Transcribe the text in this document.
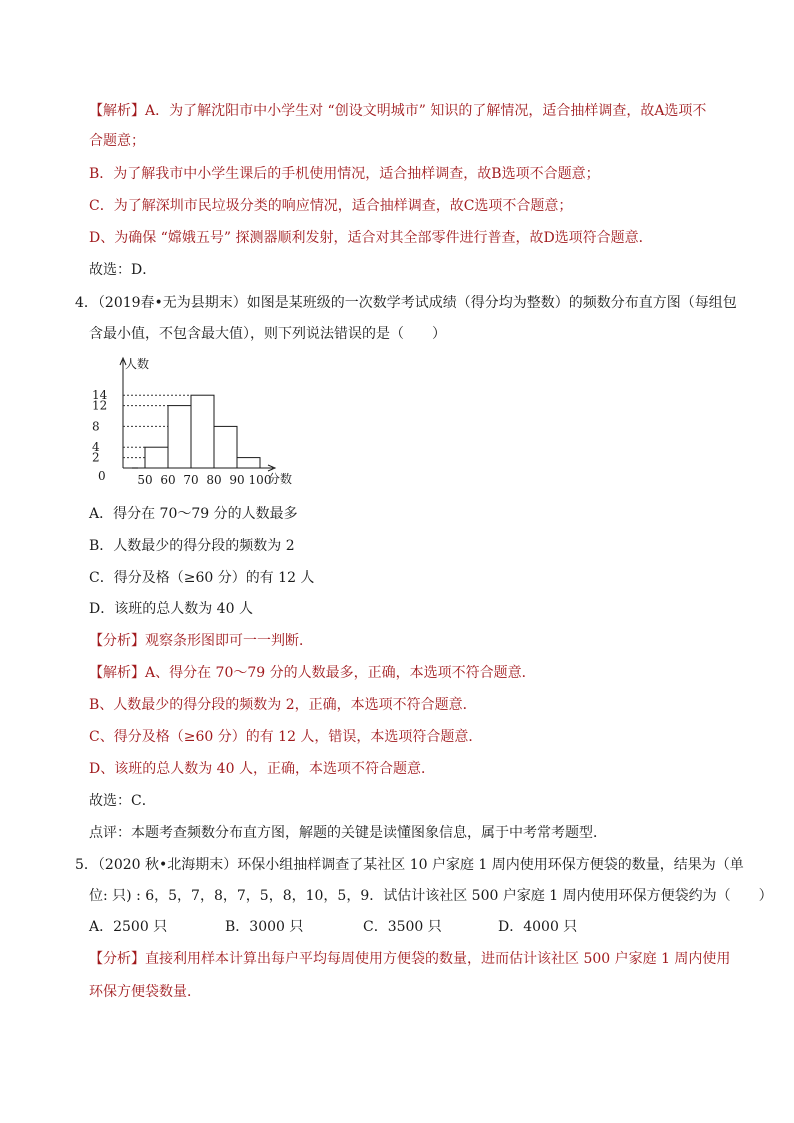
【解析】A．为了解沈阳市中小学生对 “创设文明城市” 知识的了解情况，适合抽样调查，故A选项不
合题意；
B．为了解我市中小学生课后的手机使用情况，适合抽样调查，故B选项不合题意；
C．为了解深圳市民垃圾分类的响应情况，适合抽样调查，故C选项不合题意；
D、为确保 “嫦娥五号” 探测器顺利发射，适合对其全部零件进行普查，故D选项符合题意．
故选：D．
4．（2019春•无为县期末）如图是某班级的一次数学考试成绩（得分均为整数）的频数分布直方图（每组包
含最小值，不包含最大值），则下列说法错误的是（　　）
人数
分数
14
12
8
4
2
0	50 60 70 80 90 100
A．得分在 70～79 分的人数最多
B．人数最少的得分段的频数为 2
C．得分及格（≥60 分）的有 12 人
D．该班的总人数为 40 人
【分析】观察条形图即可一一判断．
【解析】A、得分在 70～79 分的人数最多，正确，本选项不符合题意．
B、人数最少的得分段的频数为 2，正确，本选项不符合题意．
C、得分及格（≥60 分）的有 12 人，错误，本选项符合题意．
D、该班的总人数为 40 人，正确，本选项不符合题意．
故选：C．
点评：本题考查频数分布直方图，解题的关键是读懂图象信息，属于中考常考题型．
5．（2020 秋•北海期末）环保小组抽样调查了某社区 10 户家庭 1 周内使用环保方便袋的数量，结果为（单
位: 只) : 6，5，7，8，7，5，8，10，5，9．试估计该社区 500 户家庭 1 周内使用环保方便袋约为（　　）
A．2500 只	B．3000 只	C．3500 只	D．4000 只
【分析】直接利用样本计算出每户平均每周使用方便袋的数量，进而估计该社区 500 户家庭 1 周内使用
环保方便袋数量．
